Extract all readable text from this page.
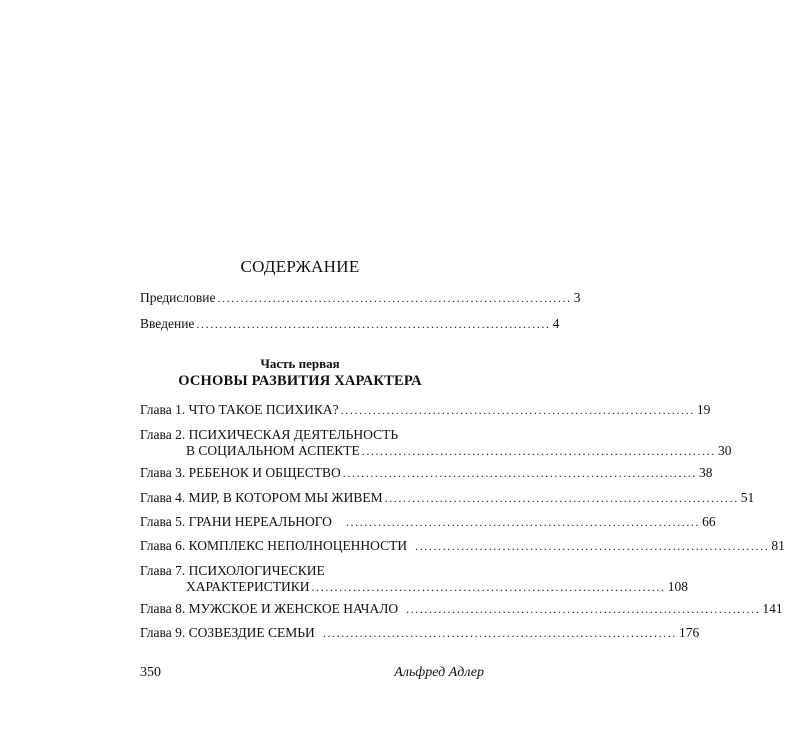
СОДЕРЖАНИЕ
Предисловие ............................................................................. 3
Введение ............................................................................. 4
Часть первая
ОСНОВЫ РАЗВИТИЯ ХАРАКТЕРА
Глава 1.
ЧТО ТАКОЕ ПСИХИКА? ............................................................................. 19
Глава 2.
ПСИХИЧЕСКАЯ ДЕЯТЕЛЬНОСТЬ
В СОЦИАЛЬНОМ АСПЕКТЕ ............................................................................. 30
Глава 3.
РЕБЕНОК И ОБЩЕСТВО ............................................................................. 38
Глава 4.
МИР, В КОТОРОМ МЫ ЖИВЕМ ............................................................................. 51
Глава 5.
ГРАНИ НЕРЕАЛЬНОГО ............................................................................. 66
Глава 6.
КОМПЛЕКС НЕПОЛНОЦЕННОСТИ ............................................................................. 81
Глава 7.
ПСИХОЛОГИЧЕСКИЕ
ХАРАКТЕРИСТИКИ ............................................................................. 108
Глава 8.
МУЖСКОЕ И ЖЕНСКОЕ НАЧАЛО ............................................................................. 141
Глава 9.
СОЗВЕЗДИЕ СЕМЬИ ............................................................................. 176
350	Альфред Адлер
